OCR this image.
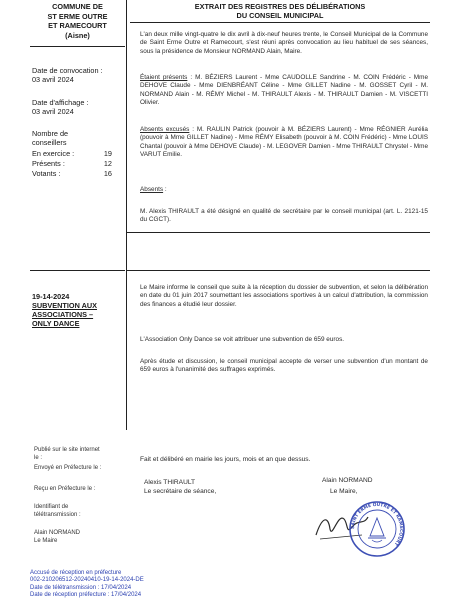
COMMUNE DE
ST ERME OUTRE
ET RAMECOURT
(Aisne)
EXTRAIT DES REGISTRES DES DÉLIBÉRATIONS
DU CONSEIL MUNICIPAL
Date de convocation :
03 avril 2024
Date d'affichage :
03 avril 2024
Nombre de
conseillers
En exercice :	19
Présents :	12
Votants :	16
L'an deux mille vingt-quatre le dix avril à dix-neuf heures trente, le Conseil Municipal de la Commune de Saint Erme Outre et Ramecourt, s'est réuni après convocation au lieu habituel de ses séances, sous la présidence de Monsieur NORMAND Alain, Maire.
Étaient présents : M. BÉZIERS Laurent - Mme CAUDOLLE Sandrine - M. COIN Frédéric - Mme DEHOVE Claude - Mme DIENBRÉANT Céline - Mme GILLET Nadine - M. GOSSET Cyril - M. NORMAND Alain - M. RÉMY Michel - M. THIRAULT Alexis - M. THIRAULT Damien - M. VISCETTI Olivier.
Absents excusés : M. RAULIN Patrick (pouvoir à M. BÉZIERS Laurent) - Mme RÉGNIER Aurélia (pouvoir à Mme GILLET Nadine) - Mme RÉMY Elisabeth (pouvoir à M. COIN Frédéric) - Mme LOUIS Chantal (pouvoir à Mme DEHOVE Claude) - M. LEGOVER Damien - Mme THIRAULT Chrystel - Mme VARUT Emilie.
Absents :
M. Alexis THIRAULT a été désigné en qualité de secrétaire par le conseil municipal (art. L. 2121-15 du CGCT).
19-14-2024
SUBVENTION AUX
ASSOCIATIONS –
ONLY DANCE
Le Maire informe le conseil que suite à la réception du dossier de subvention, et selon la délibération en date du 01 juin 2017 soumettant les associations sportives à un calcul d'attribution, la commission des finances a étudié leur dossier.
L'Association Only Dance se voit attribuer une subvention de 659 euros.
Après étude et discussion, le conseil municipal accepte de verser une subvention d'un montant de 659 euros à l'unanimité des suffrages exprimés.
Publié sur le site internet
le :
Envoyé en Préfecture le :
Reçu en Préfecture le :
Identifiant de
télétransmission :
Alain NORMAND
Le Maire
Fait et délibéré en mairie les jours, mois et an que dessus.
Alexis THIRAULT
Le secrétaire de séance,
Alain NORMAND
Le Maire,
SAINT ERME OUTRE ET RAMECOURT
Accusé de réception en préfecture
002-210206512-20240410-19-14-2024-DE
Date de télétransmission : 17/04/2024
Date de réception préfecture : 17/04/2024
